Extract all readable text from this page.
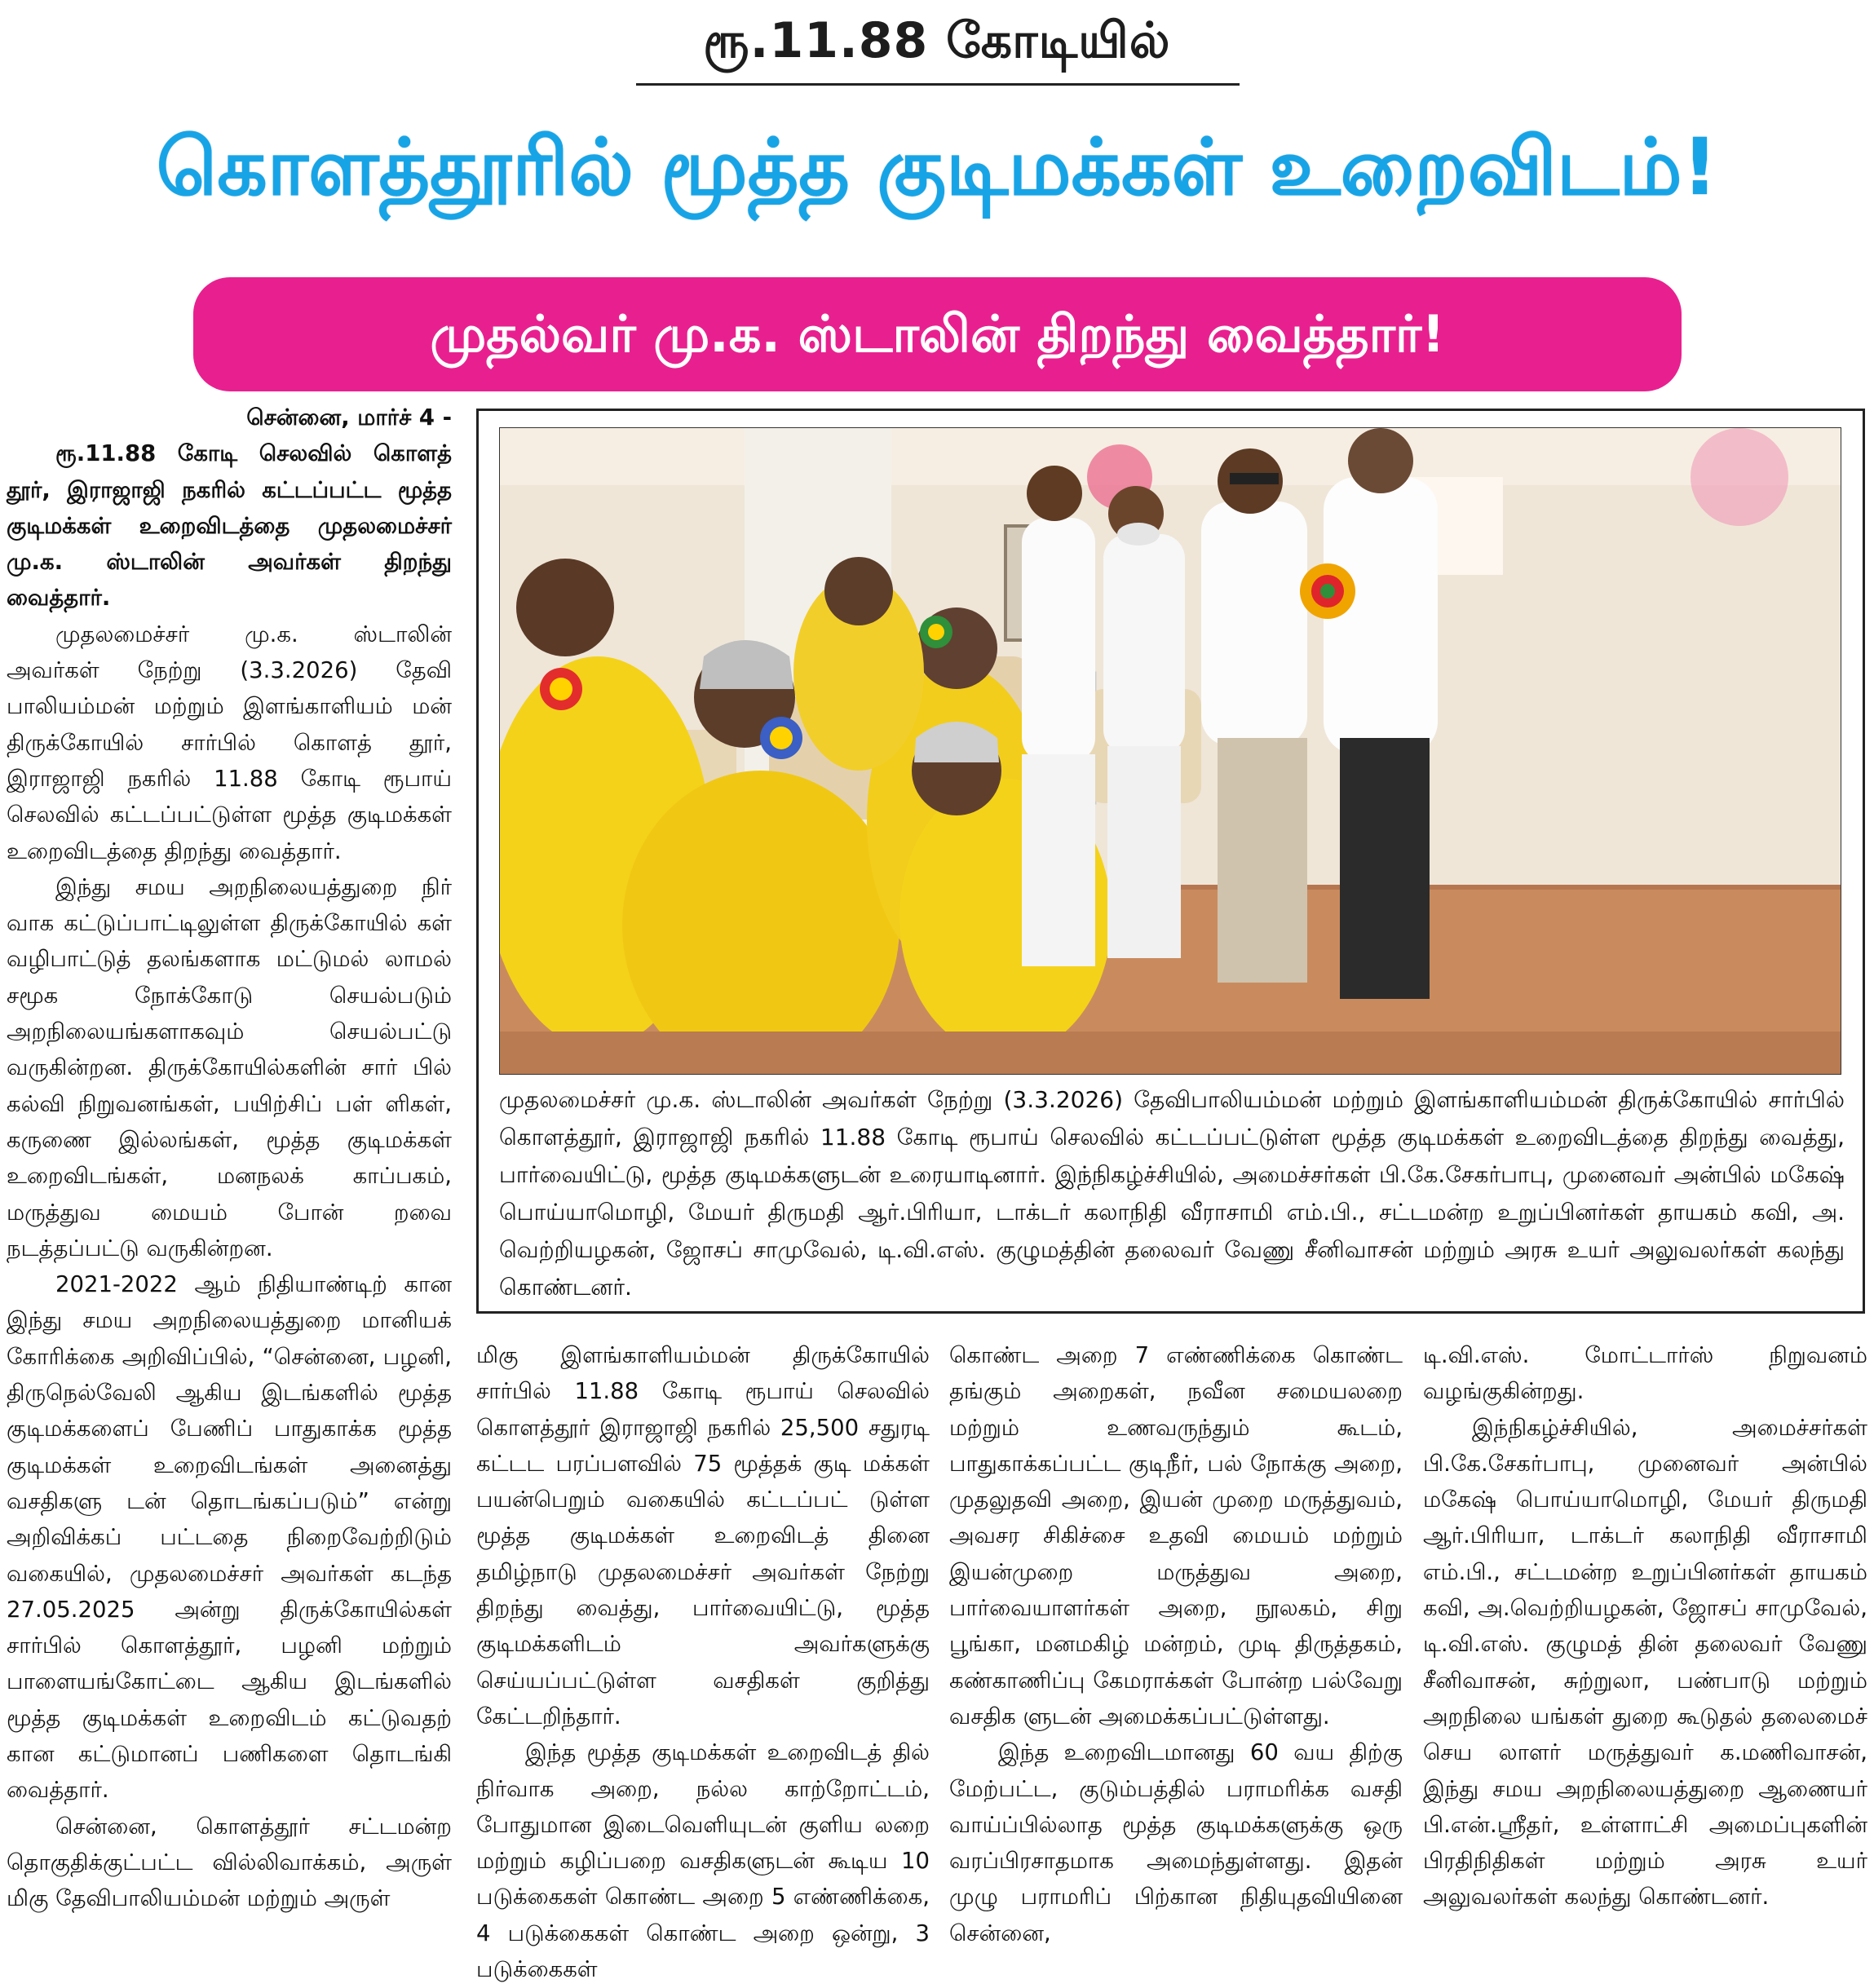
ரூ.11.88 கோடியில்
கொளத்தூரில் மூத்த குடிமக்கள் உறைவிடம்!
முதல்வர் மு.க. ஸ்டாலின் திறந்து வைத்தார்!

சென்னை, மார்ச் 4 -

ரூ.11.88 கோடி செலவில் கொளத் தூர், இராஜாஜி நகரில் கட்டப்பட்ட மூத்த குடிமக்கள் உறைவிடத்தை முதலமைச்சர் மு.க. ஸ்டாலின் அவர்கள் திறந்து வைத்தார்.

முதலமைச்சர் மு.க. ஸ்டாலின் அவர்கள் நேற்று (3.3.2026) தேவி பாலியம்மன் மற்றும் இளங்காளியம் மன் திருக்கோயில் சார்பில் கொளத் தூர், இராஜாஜி நகரில் 11.88 கோடி ரூபாய் செலவில் கட்டப்பட்டுள்ள மூத்த குடிமக்கள் உறைவிடத்தை திறந்து வைத்தார்.

இந்து சமய அறநிலையத்துறை நிர் வாக கட்டுப்பாட்டிலுள்ள திருக்கோயில் கள் வழிபாட்டுத் தலங்களாக மட்டுமல் லாமல் சமூக நோக்கோடு செயல்படும் அறநிலையங்களாகவும் செயல்பட்டு வருகின்றன. திருக்கோயில்களின் சார் பில் கல்வி நிறுவனங்கள், பயிற்சிப் பள் ளிகள், கருணை இல்லங்கள், மூத்த குடிமக்கள் உறைவிடங்கள், மனநலக் காப்பகம், மருத்துவ மையம் போன் றவை நடத்தப்பட்டு வருகின்றன.

2021-2022 ஆம் நிதியாண்டிற் கான இந்து சமய அறநிலையத்துறை மானியக் கோரிக்கை அறிவிப்பில், “சென்னை, பழனி, திருநெல்வேலி ஆகிய இடங்களில் மூத்த குடிமக்களைப் பேணிப் பாதுகாக்க மூத்த குடிமக்கள் உறைவிடங்கள் அனைத்து வசதிகளு டன் தொடங்கப்படும்” என்று அறிவிக்கப் பட்டதை நிறைவேற்றிடும் வகையில், முதலமைச்சர் அவர்கள் கடந்த 27.05.2025 அன்று திருக்கோயில்கள் சார்பில் கொளத்தூர், பழனி மற்றும் பாளையங்கோட்டை ஆகிய இடங்களில் மூத்த குடிமக்கள் உறைவிடம் கட்டுவதற் கான கட்டுமானப் பணிகளை தொடங்கி வைத்தார்.

சென்னை, கொளத்தூர் சட்டமன்ற தொகுதிக்குட்பட்ட வில்லிவாக்கம், அருள் மிகு தேவிபாலியம்மன் மற்றும் அருள்

முதலமைச்சர் மு.க. ஸ்டாலின் அவர்கள் நேற்று (3.3.2026) தேவிபாலியம்மன் மற்றும் இளங்காளியம்மன் திருக்கோயில் சார்பில் கொளத்தூர், இராஜாஜி நகரில் 11.88 கோடி ரூபாய் செலவில் கட்டப்பட்டுள்ள மூத்த குடிமக்கள் உறைவிடத்தை திறந்து வைத்து, பார்வையிட்டு, மூத்த குடிமக்களுடன் உரையாடினார். இந்நிகழ்ச்சியில், அமைச்சர்கள் பி.கே.சேகர்பாபு, முனைவர் அன்பில் மகேஷ் பொய்யாமொழி, மேயர் திருமதி ஆர்.பிரியா, டாக்டர் கலாநிதி வீராசாமி எம்.பி., சட்டமன்ற உறுப்பினர்கள் தாயகம் கவி, அ. வெற்றியழகன், ஜோசப் சாமுவேல், டி.வி.எஸ். குழுமத்தின் தலைவர் வேணு சீனிவாசன் மற்றும் அரசு உயர் அலுவலர்கள் கலந்து கொண்டனர்.

மிகு இளங்காளியம்மன் திருக்கோயில் சார்பில் 11.88 கோடி ரூபாய் செலவில் கொளத்தூர் இராஜாஜி நகரில் 25,500 சதுரடி கட்டட பரப்பளவில் 75 மூத்தக் குடி மக்கள் பயன்பெறும் வகையில் கட்டப்பட் டுள்ள மூத்த குடிமக்கள் உறைவிடத் தினை தமிழ்நாடு முதலமைச்சர் அவர்கள் நேற்று திறந்து வைத்து, பார்வையிட்டு, மூத்த குடிமக்களிடம் அவர்களுக்கு செய்யப்பட்டுள்ள வசதிகள் குறித்து கேட்டறிந்தார்.

இந்த மூத்த குடிமக்கள் உறைவிடத் தில் நிர்வாக அறை, நல்ல காற்றோட்டம், போதுமான இடைவெளியுடன் குளிய லறை மற்றும் கழிப்பறை வசதிகளுடன் கூடிய 10 படுக்கைகள் கொண்ட அறை 5 எண்ணிக்கை, 4 படுக்கைகள் கொண்ட அறை ஒன்று, 3 படுக்கைகள்

கொண்ட அறை 7 எண்ணிக்கை கொண்ட தங்கும் அறைகள், நவீன சமையலறை மற்றும் உணவருந்தும் கூடம், பாதுகாக்கப்பட்ட குடிநீர், பல் நோக்கு அறை, முதலுதவி அறை, இயன் முறை மருத்துவம், அவசர சிகிச்சை உதவி மையம் மற்றும் இயன்முறை மருத்துவ அறை, பார்வையாளர்கள் அறை, நூலகம், சிறு பூங்கா, மனமகிழ் மன்றம், முடி திருத்தகம், கண்காணிப்பு கேமராக்கள் போன்ற பல்வேறு வசதிக ளுடன் அமைக்கப்பட்டுள்ளது.

இந்த உறைவிடமானது 60 வய திற்கு மேற்பட்ட, குடும்பத்தில் பராமரிக்க வசதி வாய்ப்பில்லாத மூத்த குடிமக்களுக்கு ஒரு வரப்பிரசாதமாக அமைந்துள்ளது. இதன் முழு பராமரிப் பிற்கான நிதியுதவியினை சென்னை,

டி.வி.எஸ். மோட்டார்ஸ் நிறுவனம் வழங்குகின்றது.

இந்நிகழ்ச்சியில், அமைச்சர்கள் பி.கே.சேகர்பாபு, முனைவர் அன்பில் மகேஷ் பொய்யாமொழி, மேயர் திருமதி ஆர்.பிரியா, டாக்டர் கலாநிதி வீராசாமி எம்.பி., சட்டமன்ற உறுப்பினர்கள் தாயகம் கவி, அ.வெற்றியழகன், ஜோசப் சாமுவேல், டி.வி.எஸ். குழுமத் தின் தலைவர் வேணு சீனிவாசன், சுற்றுலா, பண்பாடு மற்றும் அறநிலை யங்கள் துறை கூடுதல் தலைமைச் செய லாளர் மருத்துவர் க.மணிவாசன், இந்து சமய அறநிலையத்துறை ஆணையர் பி.என்.ஸ்ரீதர், உள்ளாட்சி அமைப்புகளின் பிரதிநிதிகள் மற்றும் அரசு உயர் அலுவலர்கள் கலந்து கொண்டனர்.
